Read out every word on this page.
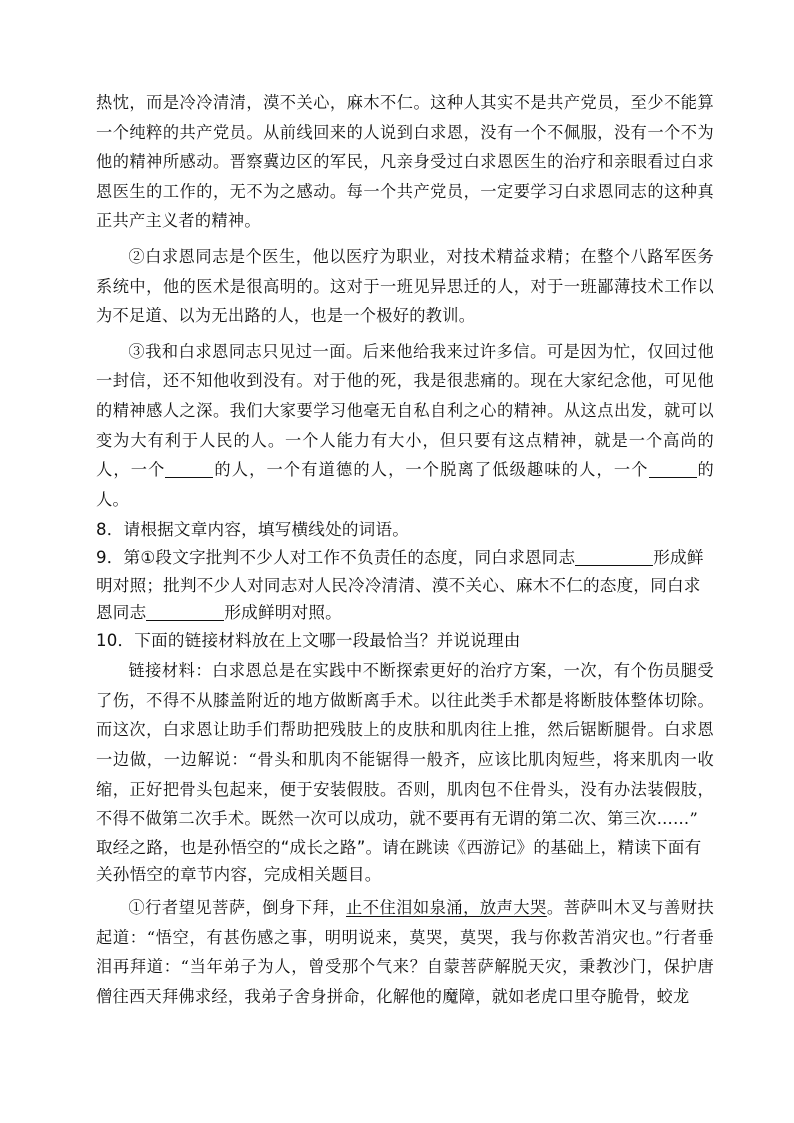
热忱，而是冷冷清清，漠不关心，麻木不仁。这种人其实不是共产党员，至少不能算一个纯粹的共产党员。从前线回来的人说到白求恩，没有一个不佩服，没有一个不为他的精神所感动。晋察冀边区的军民，凡亲身受过白求恩医生的治疗和亲眼看过白求恩医生的工作的，无不为之感动。每一个共产党员，一定要学习白求恩同志的这种真正共产主义者的精神。

②白求恩同志是个医生，他以医疗为职业，对技术精益求精；在整个八路军医务系统中，他的医术是很高明的。这对于一班见异思迁的人，对于一班鄙薄技术工作以为不足道、以为无出路的人，也是一个极好的教训。

③我和白求恩同志只见过一面。后来他给我来过许多信。可是因为忙，仅回过他一封信，还不知他收到没有。对于他的死，我是很悲痛的。现在大家纪念他，可见他的精神感人之深。我们大家要学习他毫无自私自利之心的精神。从这点出发，就可以变为大有利于人民的人。一个人能力有大小，但只要有这点精神，就是一个高尚的人，一个	的人，一个有道德的人，一个脱离了低级趣味的人，一个	的人。

8．请根据文章内容，填写横线处的词语。

9．第①段文字批判不少人对工作不负责任的态度，同白求恩同志	形成鲜明对照；批判不少人对同志对人民冷冷清清、漠不关心、麻木不仁的态度，同白求恩同志	形成鲜明对照。

10．下面的链接材料放在上文哪一段最恰当？并说说理由

链接材料：白求恩总是在实践中不断探索更好的治疗方案，一次，有个伤员腿受了伤，不得不从膝盖附近的地方做断离手术。以往此类手术都是将断肢体整体切除。而这次，白求恩让助手们帮助把残肢上的皮肤和肌肉往上推，然后锯断腿骨。白求恩一边做，一边解说：“骨头和肌肉不能锯得一般齐，应该比肌肉短些，将来肌肉一收缩，正好把骨头包起来，便于安装假肢。否则，肌肉包不住骨头，没有办法装假肢，不得不做第二次手术。既然一次可以成功，就不要再有无谓的第二次、第三次……”

取经之路，也是孙悟空的“成长之路”。请在跳读《西游记》的基础上，精读下面有关孙悟空的章节内容，完成相关题目。

①行者望见菩萨，倒身下拜，止不住泪如泉涌，放声大哭。菩萨叫木叉与善财扶起道：“悟空，有甚伤感之事，明明说来，莫哭，莫哭，我与你救苦消灾也。”行者垂泪再拜道：“当年弟子为人，曾受那个气来？自蒙菩萨解脱天灾，秉教沙门，保护唐僧往西天拜佛求经，我弟子舍身拼命，化解他的魔障，就如老虎口里夺脆骨，蛟龙
